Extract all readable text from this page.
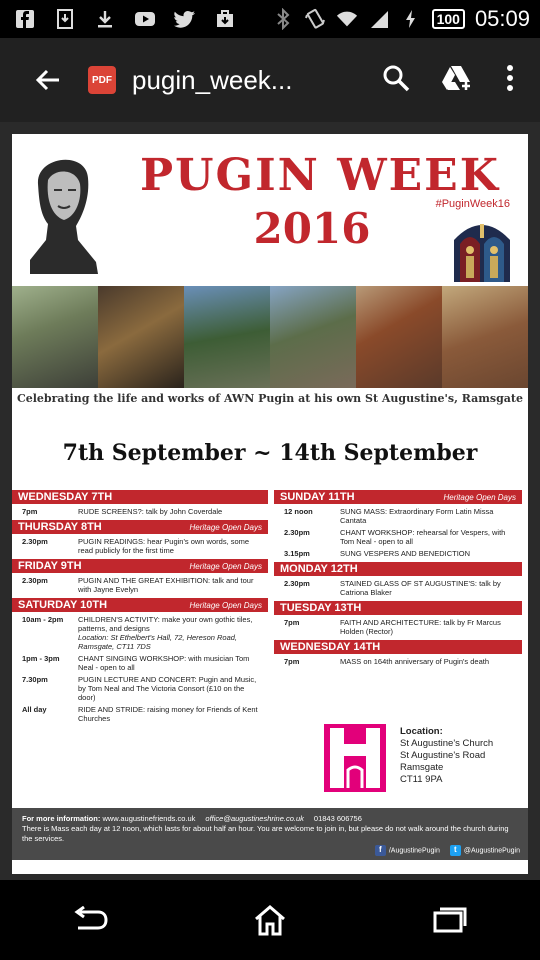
100 05:09
PDF pugin_week...
PUGIN WEEK
2016	#PuginWeek16
Celebrating the life and works of AWN Pugin at his own St Augustine's, Ramsgate
7th September ~ 14th September
WEDNESDAY 7TH
7pm	RUDE SCREENS?: talk by John Coverdale
THURSDAY 8TH	Heritage Open Days
2.30pm	PUGIN READINGS: hear Pugin's own words, some read publicly for the first time
FRIDAY 9TH	Heritage Open Days
2.30pm	PUGIN AND THE GREAT EXHIBITION: talk and tour with Jayne Evelyn
SATURDAY 10TH	Heritage Open Days
10am - 2pm	CHILDREN'S ACTIVITY: make your own gothic tiles, patterns, and designs
Location: St Ethelbert's Hall, 72, Hereson Road, Ramsgate, CT11 7DS
1pm - 3pm	CHANT SINGING WORKSHOP: with musician Tom Neal - open to all
7.30pm	PUGIN LECTURE AND CONCERT: Pugin and Music, by Tom Neal and The Victoria Consort (£10 on the door)
All day	RIDE AND STRIDE: raising money for Friends of Kent Churches
SUNDAY 11TH	Heritage Open Days
12 noon	SUNG MASS: Extraordinary Form Latin Missa Cantata
2.30pm	CHANT WORKSHOP: rehearsal for Vespers, with Tom Neal - open to all
3.15pm	SUNG VESPERS AND BENEDICTION
MONDAY 12TH
2.30pm	STAINED GLASS OF ST AUGUSTINE'S: talk by Catriona Blaker
TUESDAY 13TH
7pm	FAITH AND ARCHITECTURE: talk by Fr Marcus Holden (Rector)
WEDNESDAY 14TH
7pm	MASS on 164th anniversary of Pugin's death
Location:
St Augustine's Church
St Augustine's Road
Ramsgate
CT11 9PA
For more information: www.augustinefriends.co.uk office@augustineshrine.co.uk 01843 606756
There is Mass each day at 12 noon, which lasts for about half an hour. You are welcome to join in, but please do not walk around the church during the services.
f /AugustinePugin	t @AugustinePugin
